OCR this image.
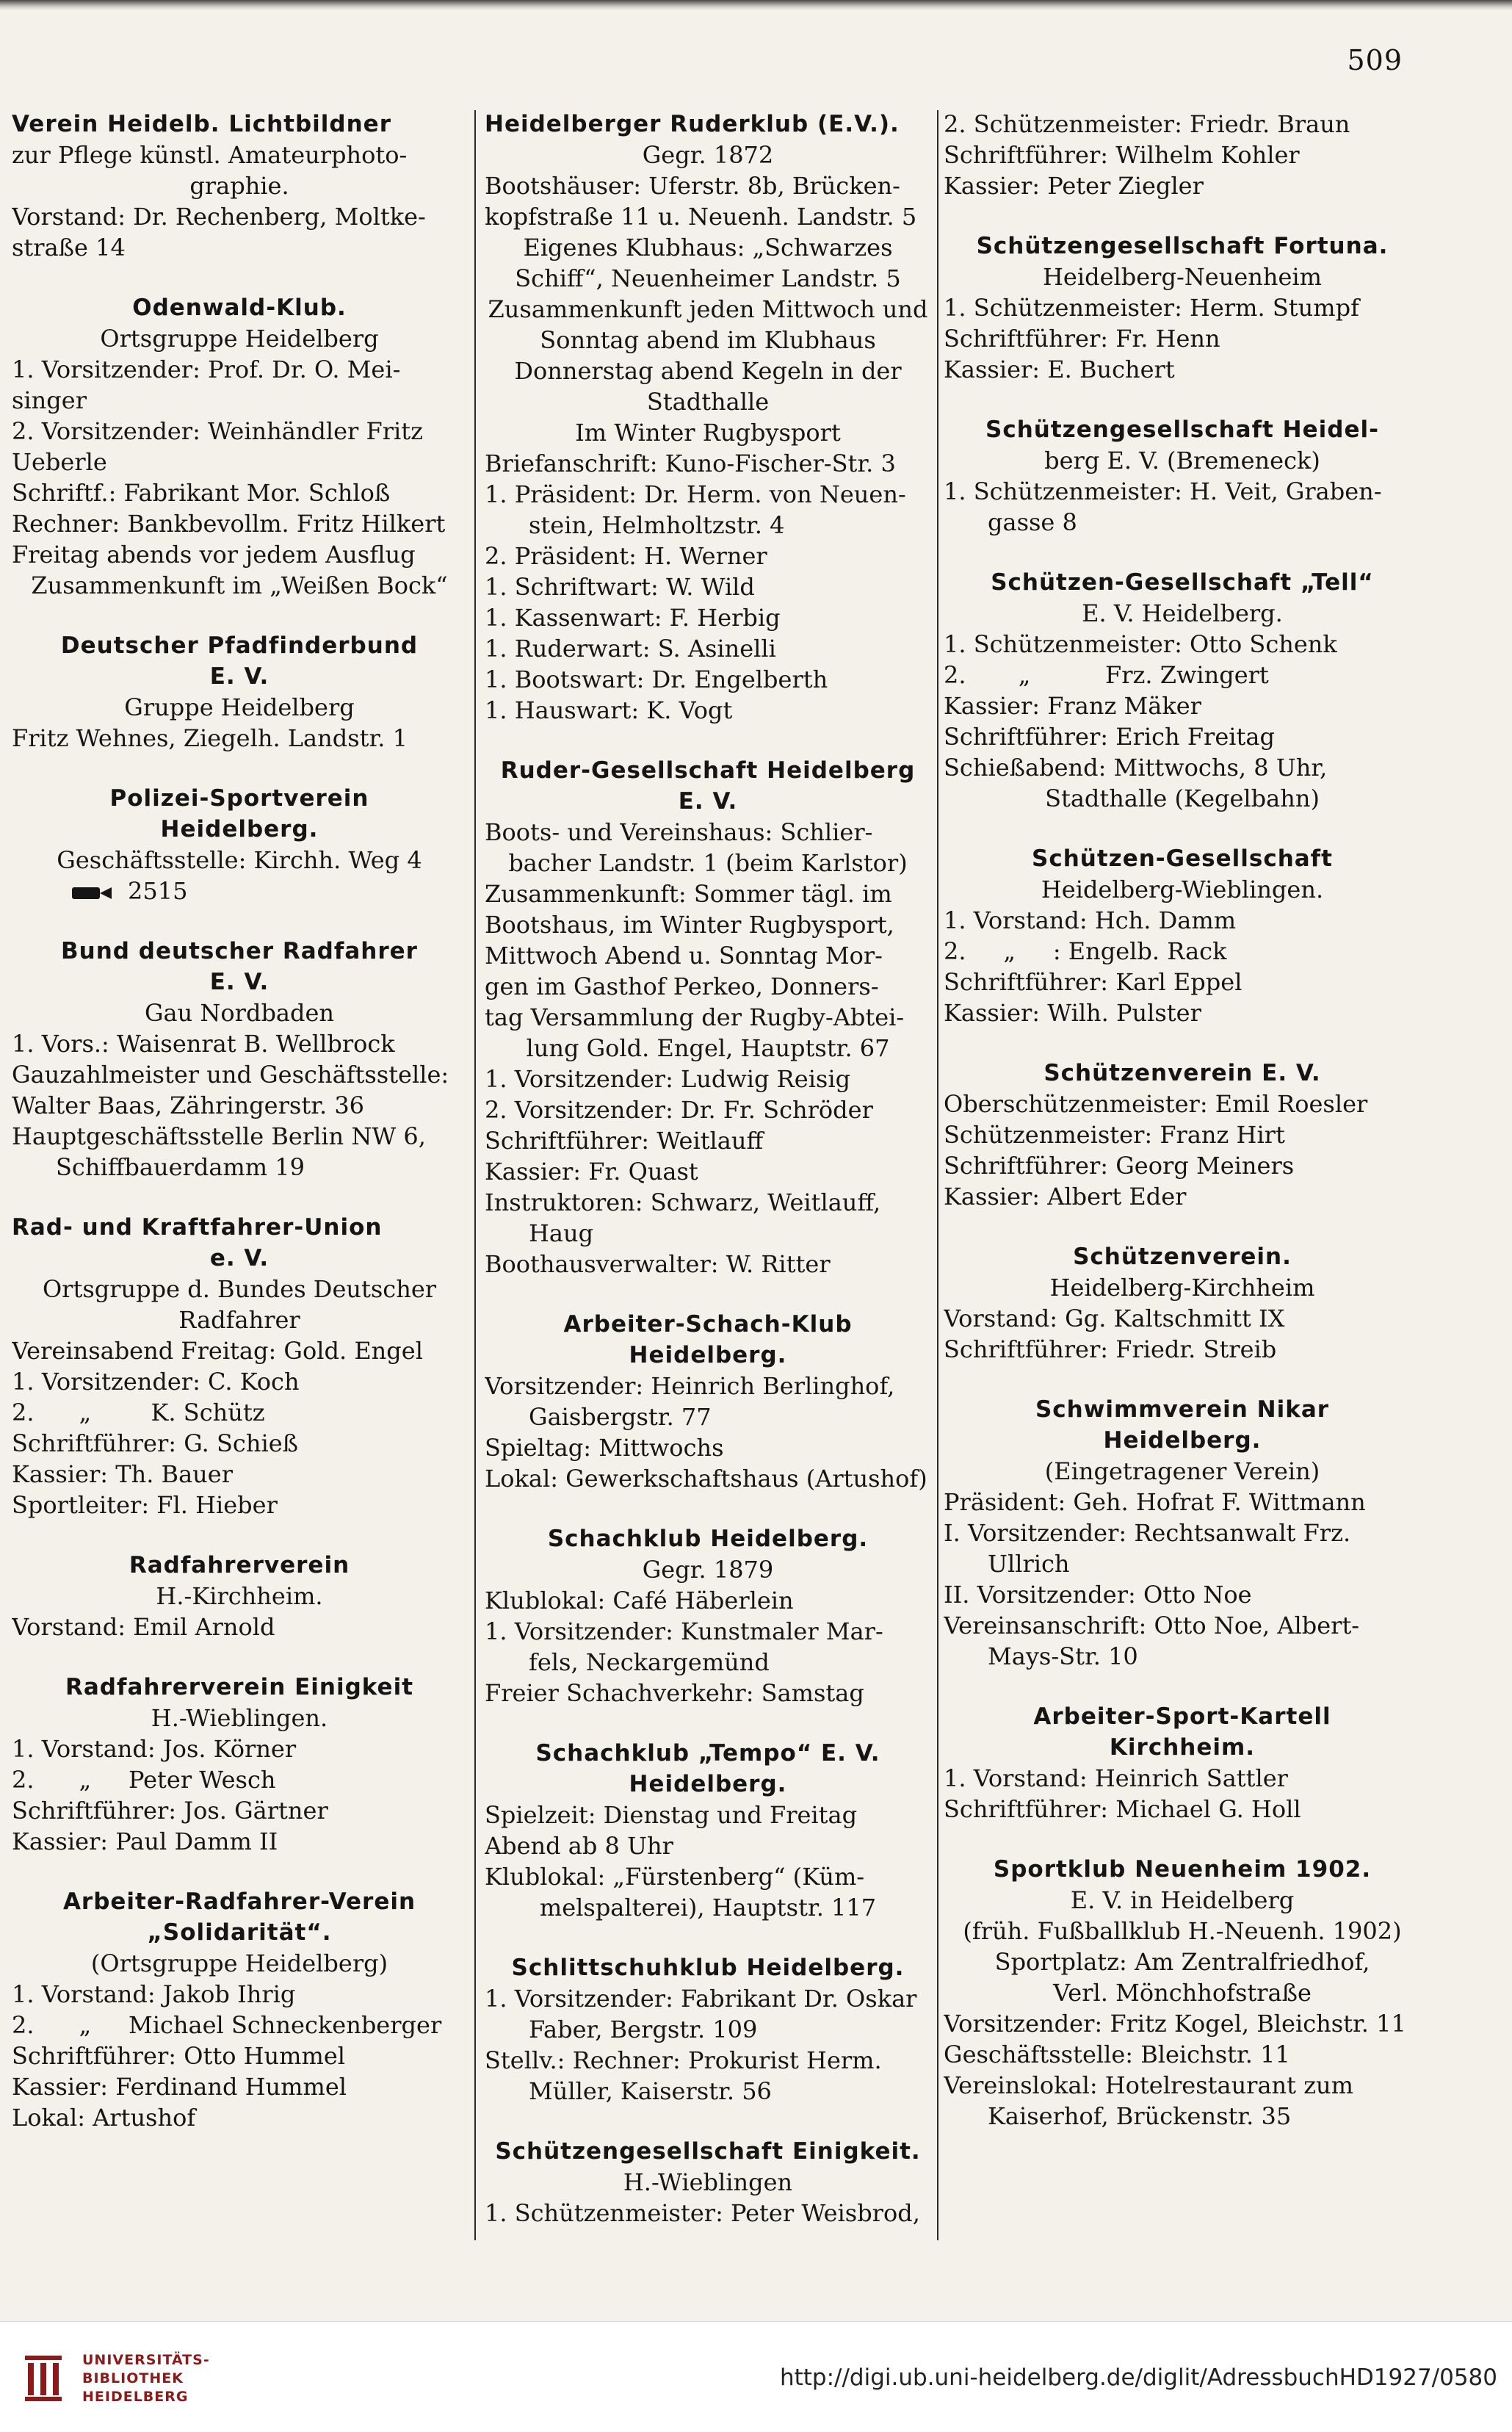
509
Verein Heidelb. Lichtbildner
zur Pflege künstl. Amateurphoto-
graphie.
Vorstand: Dr. Rechenberg, Moltke-
straße 14
Odenwald-Klub.
Ortsgruppe Heidelberg
1. Vorsitzender: Prof. Dr. O. Mei-
singer
2. Vorsitzender: Weinhändler Fritz
Ueberle
Schriftf.: Fabrikant Mor. Schloß
Rechner: Bankbevollm. Fritz Hilkert
Freitag abends vor jedem Ausflug
Zusammenkunft im „Weißen Bock“
Deutscher Pfadfinderbund
E. V.
Gruppe Heidelberg
Fritz Wehnes, Ziegelh. Landstr. 1
Polizei-Sportverein
Heidelberg.
Geschäftsstelle: Kirchh. Weg 4
2515
Bund deutscher Radfahrer
E. V.
Gau Nordbaden
1. Vors.: Waisenrat B. Wellbrock
Gauzahlmeister und Geschäftsstelle:
Walter Baas, Zähringerstr. 36
Hauptgeschäftsstelle Berlin NW 6,
Schiffbauerdamm 19
Rad- und Kraftfahrer-Union
e. V.
Ortsgruppe d. Bundes Deutscher
Radfahrer
Vereinsabend Freitag: Gold. Engel
1. Vorsitzender: C. Koch
2.      „        K. Schütz
Schriftführer: G. Schieß
Kassier: Th. Bauer
Sportleiter: Fl. Hieber
Radfahrerverein
H.-Kirchheim.
Vorstand: Emil Arnold
Radfahrerverein Einigkeit
H.-Wieblingen.
1. Vorstand: Jos. Körner
2.      „     Peter Wesch
Schriftführer: Jos. Gärtner
Kassier: Paul Damm II
Arbeiter-Radfahrer-Verein
„Solidarität“.
(Ortsgruppe Heidelberg)
1. Vorstand: Jakob Ihrig
2.      „     Michael Schneckenberger
Schriftführer: Otto Hummel
Kassier: Ferdinand Hummel
Lokal: Artushof
Heidelberger Ruderklub (E.V.).
Gegr. 1872
Bootshäuser: Uferstr. 8b, Brücken-
kopfstraße 11 u. Neuenh. Landstr. 5
Eigenes Klubhaus: „Schwarzes
Schiff“, Neuenheimer Landstr. 5
Zusammenkunft jeden Mittwoch und
Sonntag abend im Klubhaus
Donnerstag abend Kegeln in der
Stadthalle
Im Winter Rugbysport
Briefanschrift: Kuno-Fischer-Str. 3
1. Präsident: Dr. Herm. von Neuen-
stein, Helmholtzstr. 4
2. Präsident: H. Werner
1. Schriftwart: W. Wild
1. Kassenwart: F. Herbig
1. Ruderwart: S. Asinelli
1. Bootswart: Dr. Engelberth
1. Hauswart: K. Vogt
Ruder-Gesellschaft Heidelberg
E. V.
Boots- und Vereinshaus: Schlier-
bacher Landstr. 1 (beim Karlstor)
Zusammenkunft: Sommer tägl. im
Bootshaus, im Winter Rugbysport,
Mittwoch Abend u. Sonntag Mor-
gen im Gasthof Perkeo, Donners-
tag Versammlung der Rugby-Abtei-
lung Gold. Engel, Hauptstr. 67
1. Vorsitzender: Ludwig Reisig
2. Vorsitzender: Dr. Fr. Schröder
Schriftführer: Weitlauff
Kassier: Fr. Quast
Instruktoren: Schwarz, Weitlauff,
Haug
Boothausverwalter: W. Ritter
Arbeiter-Schach-Klub
Heidelberg.
Vorsitzender: Heinrich Berlinghof,
Gaisbergstr. 77
Spieltag: Mittwochs
Lokal: Gewerkschaftshaus (Artushof)
Schachklub Heidelberg.
Gegr. 1879
Klublokal: Café Häberlein
1. Vorsitzender: Kunstmaler Mar-
fels, Neckargemünd
Freier Schachverkehr: Samstag
Schachklub „Tempo“ E. V.
Heidelberg.
Spielzeit: Dienstag und Freitag
Abend ab 8 Uhr
Klublokal: „Fürstenberg“ (Küm-
melspalterei), Hauptstr. 117
Schlittschuhklub Heidelberg.
1. Vorsitzender: Fabrikant Dr. Oskar
Faber, Bergstr. 109
Stellv.: Rechner: Prokurist Herm.
Müller, Kaiserstr. 56
Schützengesellschaft Einigkeit.
H.-Wieblingen
1. Schützenmeister: Peter Weisbrod,
2. Schützenmeister: Friedr. Braun
Schriftführer: Wilhelm Kohler
Kassier: Peter Ziegler
Schützengesellschaft Fortuna.
Heidelberg-Neuenheim
1. Schützenmeister: Herm. Stumpf
Schriftführer: Fr. Henn
Kassier: E. Buchert
Schützengesellschaft Heidel-
berg E. V. (Bremeneck)
1. Schützenmeister: H. Veit, Graben-
gasse 8
Schützen-Gesellschaft „Tell“
E. V. Heidelberg.
1. Schützenmeister: Otto Schenk
2.       „          Frz. Zwingert
Kassier: Franz Mäker
Schriftführer: Erich Freitag
Schießabend: Mittwochs, 8 Uhr,
Stadthalle (Kegelbahn)
Schützen-Gesellschaft
Heidelberg-Wieblingen.
1. Vorstand: Hch. Damm
2.     „     : Engelb. Rack
Schriftführer: Karl Eppel
Kassier: Wilh. Pulster
Schützenverein E. V.
Oberschützenmeister: Emil Roesler
Schützenmeister: Franz Hirt
Schriftführer: Georg Meiners
Kassier: Albert Eder
Schützenverein.
Heidelberg-Kirchheim
Vorstand: Gg. Kaltschmitt IX
Schriftführer: Friedr. Streib
Schwimmverein Nikar
Heidelberg.
(Eingetragener Verein)
Präsident: Geh. Hofrat F. Wittmann
I. Vorsitzender: Rechtsanwalt Frz.
Ullrich
II. Vorsitzender: Otto Noe
Vereinsanschrift: Otto Noe, Albert-
Mays-Str. 10
Arbeiter-Sport-Kartell
Kirchheim.
1. Vorstand: Heinrich Sattler
Schriftführer: Michael G. Holl
Sportklub Neuenheim 1902.
E. V. in Heidelberg
(früh. Fußballklub H.-Neuenh. 1902)
Sportplatz: Am Zentralfriedhof,
Verl. Mönchhofstraße
Vorsitzender: Fritz Kogel, Bleichstr. 11
Geschäftsstelle: Bleichstr. 11
Vereinslokal: Hotelrestaurant zum
Kaiserhof, Brückenstr. 35
UNIVERSITÄTS-
BIBLIOTHEK
HEIDELBERG
http://digi.ub.uni-heidelberg.de/diglit/AdressbuchHD1927/0580
